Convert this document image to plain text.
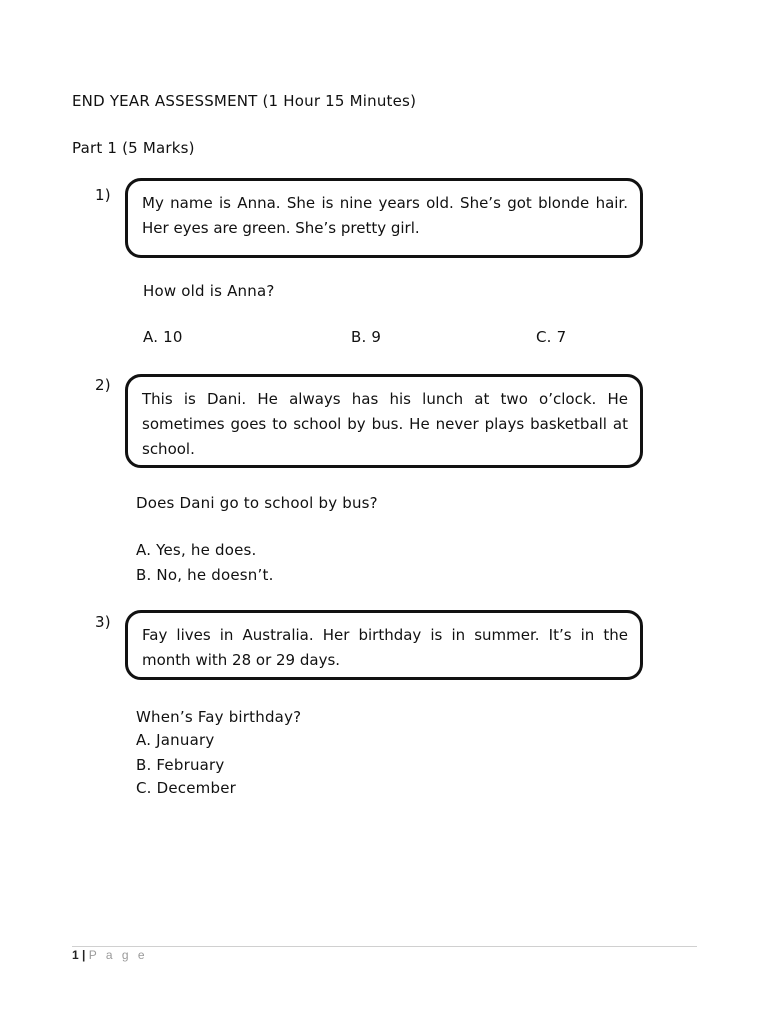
END YEAR ASSESSMENT (1 Hour 15 Minutes)
Part 1 (5 Marks)
1)	My name is Anna. She is nine years old. She’s got blonde hair. Her eyes are green. She’s pretty girl.
How old is Anna?
A. 10	B. 9	C. 7
2)
This is Dani. He always has his lunch at two o’clock. He sometimes goes to school by bus. He never plays basketball at school.
Does Dani go to school by bus?
A. Yes, he does.
B. No, he doesn’t.
3)
Fay lives in Australia. Her birthday is in summer. It’s in the month with 28 or 29 days.
When’s Fay birthday?
A. January
B. February
C. December
1 | P a g e
